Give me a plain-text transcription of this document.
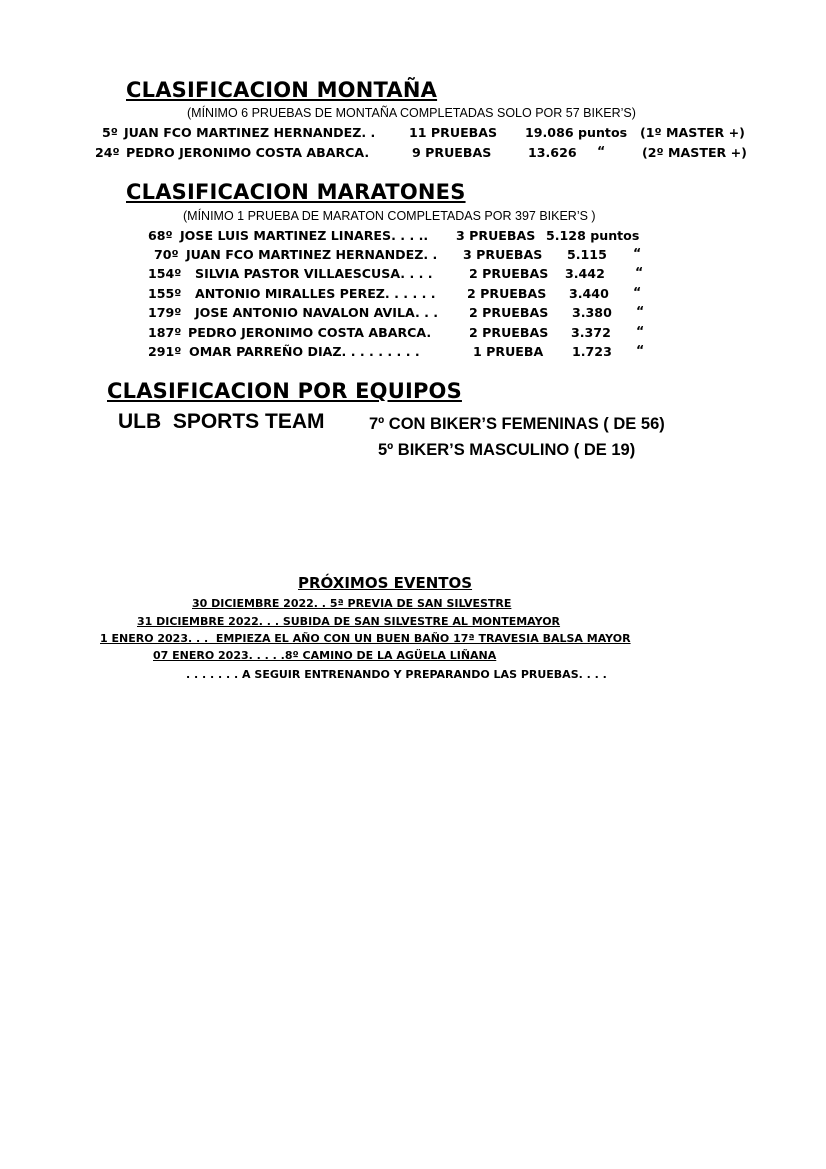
CLASIFICACION MONTAÑA
(MÍNIMO 6 PRUEBAS DE MONTAÑA COMPLETADAS SOLO POR 57 BIKER’S)
5º JUAN FCO MARTINEZ HERNANDEZ. .	11 PRUEBAS 19.086 puntos (1º MASTER +)
24º PEDRO JERONIMO COSTA ABARCA.	9 PRUEBAS	13.626 “	(2º MASTER +)
CLASIFICACION MARATONES
(MÍNIMO 1 PRUEBA DE MARATON COMPLETADAS POR 397 BIKER’S )
68º JOSE LUIS MARTINEZ LINARES. . . .. 3 PRUEBAS 5.128 puntos
70º JUAN FCO MARTINEZ HERNANDEZ. . 3 PRUEBAS 5.115 “
154º SILVIA PASTOR VILLAESCUSA. . . .	2 PRUEBAS 3.442 “
155º ANTONIO MIRALLES PEREZ. . . . . . 2 PRUEBAS 3.440 “
179º JOSE ANTONIO NAVALON AVILA. . . 2 PRUEBAS 3.380 “
187º PEDRO JERONIMO COSTA ABARCA.	2 PRUEBAS 3.372 “
291º OMAR PARREÑO DIAZ. . . . . . . . .	1 PRUEBA 1.723 “
CLASIFICACION POR EQUIPOS
ULB  SPORTS TEAM	7º CON BIKER’S FEMENINAS ( DE 56)
5º BIKER’S MASCULINO ( DE 19)
PRÓXIMOS EVENTOS
30 DICIEMBRE 2022. . 5ª PREVIA DE SAN SILVESTRE
31 DICIEMBRE 2022. . . SUBIDA DE SAN SILVESTRE AL MONTEMAYOR
1 ENERO 2023. . .  EMPIEZA EL AÑO CON UN BUEN BAÑO 17ª TRAVESIA BALSA MAYOR
07 ENERO 2023. . . . .8º CAMINO DE LA AGÜELA LIÑANA
. . . . . . . A SEGUIR ENTRENANDO Y PREPARANDO LAS PRUEBAS. . . .
